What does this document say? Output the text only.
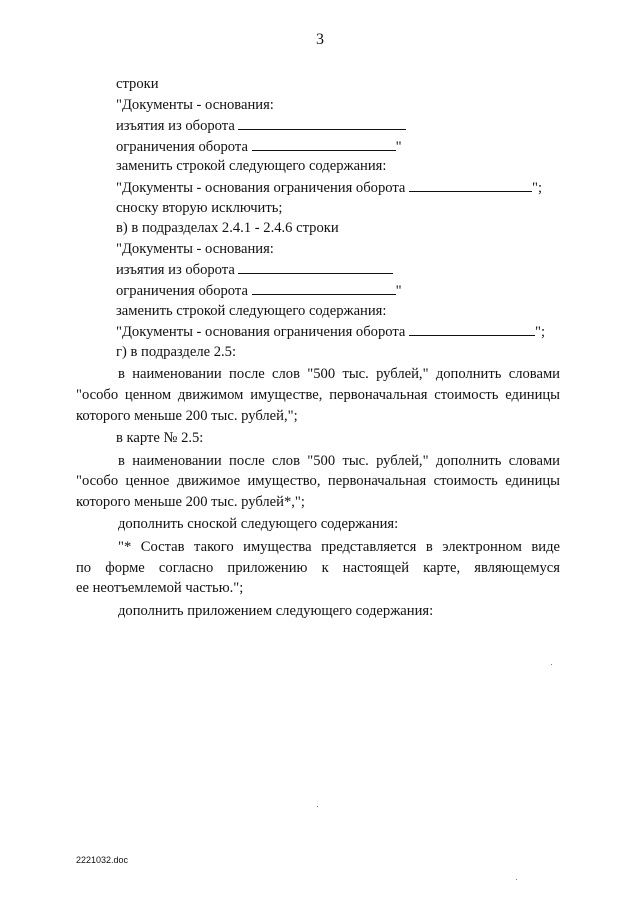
3
строки
"Документы - основания:
изъятия из оборота
ограничения оборота	"
заменить строкой следующего содержания:
"Документы - основания ограничения оборота	";
сноску вторую исключить;
в) в подразделах 2.4.1 - 2.4.6 строки
"Документы - основания:
изъятия из оборота
ограничения оборота	"
заменить строкой следующего содержания:
"Документы - основания ограничения оборота	";
г) в подразделе 2.5:
в наименовании после слов "500 тыс. рублей," дополнить словами
"особо ценном движимом имуществе, первоначальная стоимость единицы
которого меньше 200 тыс. рублей,";
в карте № 2.5:
в наименовании после слов "500 тыс. рублей," дополнить словами
"особо ценное движимое имущество, первоначальная стоимость единицы
которого меньше 200 тыс. рублей*,";
дополнить сноской следующего содержания:
"* Состав такого имущества представляется в электронном виде
по форме согласно приложению к настоящей карте, являющемуся
ее неотъемлемой частью.";
дополнить приложением следующего содержания:
2221032.doc
